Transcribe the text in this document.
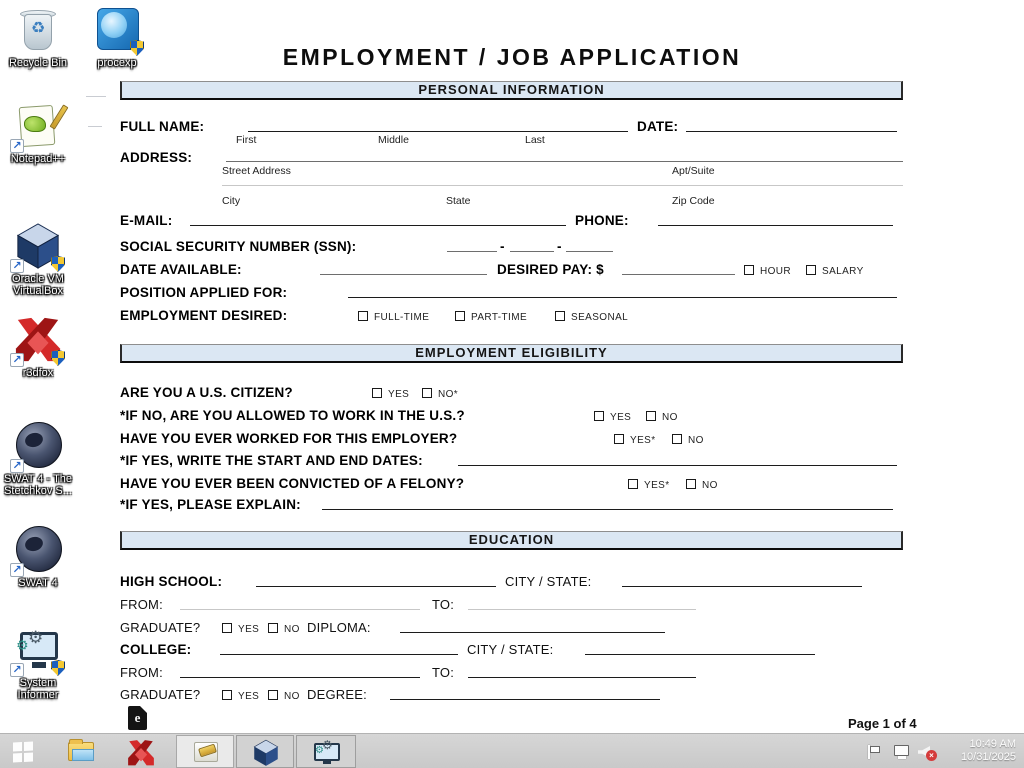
♻
Recycle Bin	procexp
↗
Notepad++
↗
Oracle VM VirtualBox
↗
r3dfox
↗
SWAT 4 - The Stetchkov S...
↗
SWAT 4
⚙
⚙
↗
System Informer
EMPLOYMENT / JOB APPLICATION
PERSONAL INFORMATION
FULL NAME:	DATE:
First	Middle	Last
ADDRESS:
Street Address	Apt/Suite
City	State	Zip Code
E-MAIL:	PHONE:
SOCIAL SECURITY NUMBER (SSN):	-	-
DATE AVAILABLE:	DESIRED PAY: $	HOUR	SALARY
POSITION APPLIED FOR:
EMPLOYMENT DESIRED:	FULL-TIME	PART-TIME	SEASONAL
EMPLOYMENT ELIGIBILITY
ARE YOU A U.S. CITIZEN?	YES	NO*
*IF NO, ARE YOU ALLOWED TO WORK IN THE U.S.?	YES	NO
HAVE YOU EVER WORKED FOR THIS EMPLOYER?	YES*	NO
*IF YES, WRITE THE START AND END DATES:
HAVE YOU EVER BEEN CONVICTED OF A FELONY?	YES*	NO
*IF YES, PLEASE EXPLAIN:
EDUCATION
HIGH SCHOOL:	CITY / STATE:
FROM:	TO:
GRADUATE?	YES NO DIPLOMA:
COLLEGE:	CITY / STATE:
FROM:	TO:
GRADUATE?	YES NO DEGREE:
Page 1 of 4
e
⚙
⚙	×
10:49 AM
10/31/2025
